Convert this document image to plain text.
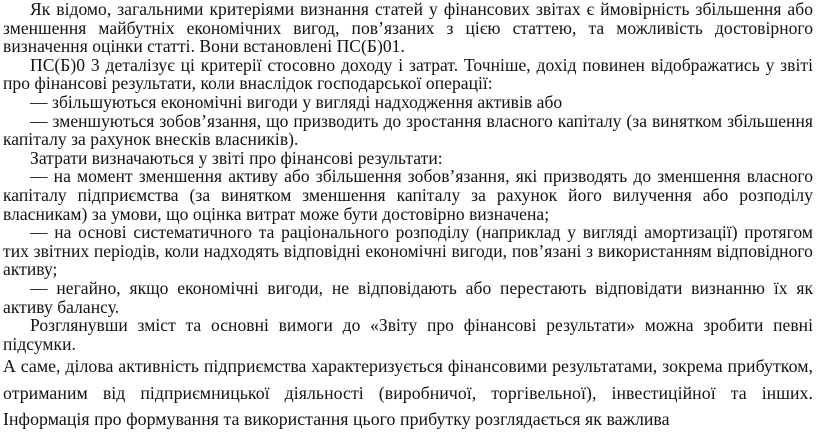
Як відомо, загальними критеріями визнання статей у фінансових звітах є ймовірність збільшення або зменшення майбутніх економічних вигод, пов’язаних з цією статтею, та можливість достовірного визначення оцінки статті. Вони встановлені ПС(Б)01.

ПС(Б)0 3 деталізує ці критерії стосовно доходу і затрат. Точніше, дохід повинен відображатись у звіті про фінансові результати, коли внаслідок господарської операції:

— збільшуються економічні вигоди у вигляді надходження активів або

— зменшуються зобов’язання, що призводить до зростання власного капіталу (за винятком збільшення капіталу за рахунок внесків власників).

Затрати визначаються у звіті про фінансові результати:

— на момент зменшення активу або збільшення зобов’язання, які призводять до зменшення власного капіталу підприємства (за винятком зменшення капіталу за рахунок його вилучення або розподілу власникам) за умови, що оцінка витрат може бути достовірно визначена;

— на основі систематичного та раціонального розподілу (наприклад у вигляді амортизації) протягом тих звітних періодів, коли надходять відповідні економічні вигоди, пов’язані з використанням відповідного активу;

— негайно, якщо економічні вигоди, не відповідають або перестають відповідати визнанню їх як активу балансу.

Розглянувши зміст та основні вимоги до «Звіту про фінансові результати» можна зробити певні підсумки.

А саме, ділова активність підприємства характеризується фінансовими результатами, зокрема прибутком, отриманим від підприємницької діяльності (виробничої, торгівельної), інвестиційної та інших. Інформація про формування та використання цього прибутку розглядається як важлива
